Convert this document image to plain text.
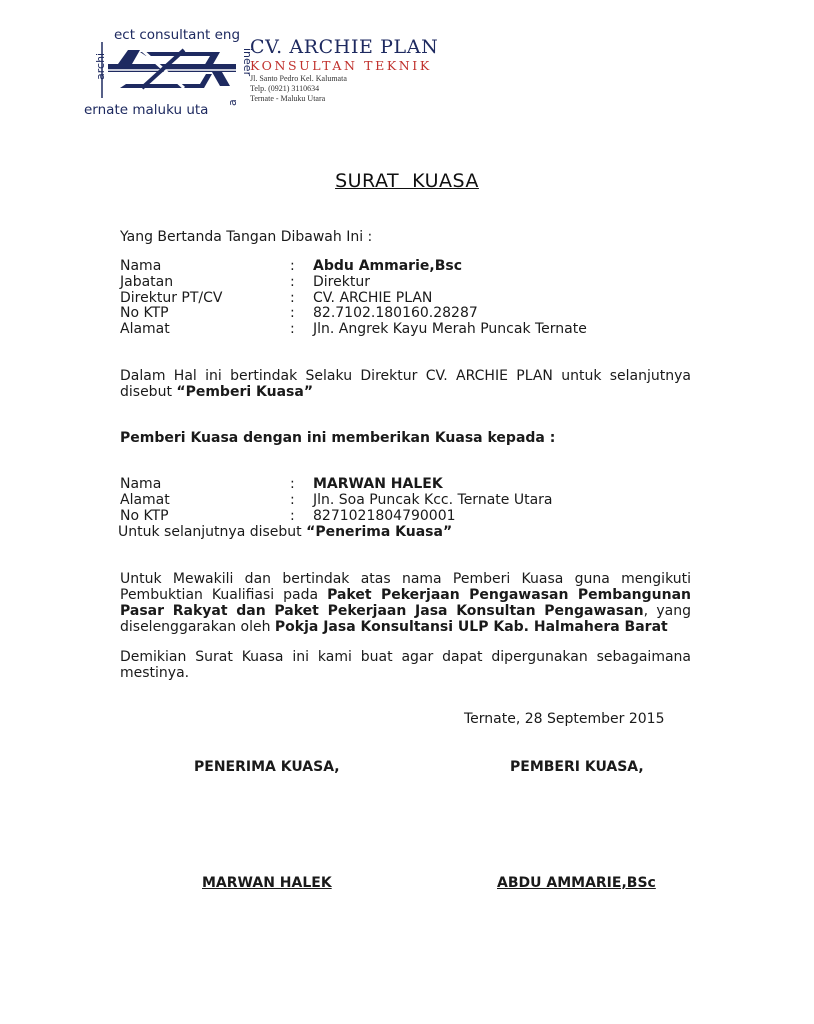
ect consultant eng
archi	ineer
ernate maluku uta a
CV. ARCHIE PLAN
KONSULTAN TEKNIK
Jl. Santo Pedro Kel. Kalumata
Telp. (0921) 3110634
Ternate - Maluku Utara
SURAT  KUASA
Yang Bertanda Tangan Dibawah Ini :
Nama	:	Abdu Ammarie,Bsc
Jabatan	:	Direktur
Direktur PT/CV	:	CV. ARCHIE PLAN
No KTP	:	82.7102.180160.28287
Alamat	:	Jln. Angrek Kayu Merah Puncak Ternate
Dalam Hal ini bertindak Selaku Direktur CV. ARCHIE PLAN untuk selanjutnya
disebut “Pemberi Kuasa”
Pemberi Kuasa dengan ini memberikan Kuasa kepada :
Nama	:	MARWAN HALEK
Alamat	:	Jln. Soa Puncak Kcc. Ternate Utara
No KTP	:	8271021804790001
Untuk selanjutnya disebut “Penerima Kuasa”
Untuk Mewakili dan bertindak atas nama Pemberi Kuasa guna mengikuti
Pembuktian Kualifiasi pada Paket Pekerjaan Pengawasan Pembangunan
Pasar Rakyat dan Paket Pekerjaan Jasa Konsultan Pengawasan, yang
diselenggarakan oleh Pokja Jasa Konsultansi ULP Kab. Halmahera Barat
Demikian Surat Kuasa ini kami buat agar dapat dipergunakan sebagaimana
mestinya.
Ternate, 28 September 2015
PENERIMA KUASA,	PEMBERI KUASA,
MARWAN HALEK	ABDU AMMARIE,BSc
